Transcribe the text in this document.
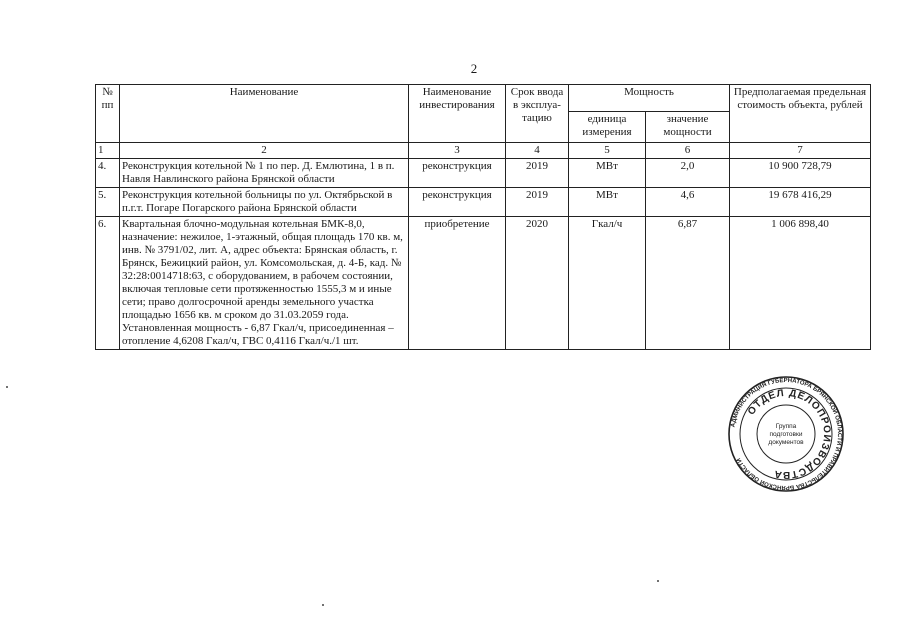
2
№ пп	Наименование	Наименование инвестирования	Срок ввода в эксплуа-тацию	Мощность		Предполагаемая предельная стоимость объекта, рублей
				единица измерения	значение мощности	
1	2	3	4	5	6	7
4.	Реконструкция котельной № 1 по пер. Д. Емлютина, 1 в п. Навля Навлинского района Брянской области	реконструкция	2019	МВт	2,0	10 900 728,79
5.	Реконструкция котельной больницы по ул. Октябрьской в п.г.т. Погаре Погарского района Брянской области	реконструкция	2019	МВт	4,6	19 678 416,29
6.	Квартальная блочно-модульная котельная БМК-8,0, назначение: нежилое, 1-этажный, общая площадь 170 кв. м, инв. № 3791/02, лит. А, адрес объекта: Брянская область, г. Брянск, Бежицкий район, ул. Комсомольская, д. 4-Б, кад. № 32:28:0014718:63, с оборудованием, в рабочем состоянии, включая тепловые сети протяженностью 1555,3 м и иные сети; право долгосрочной аренды земельного участка площадью 1656 кв. м сроком до 31.03.2059 года. Установленная мощность - 6,87 Гкал/ч, присоединенная – отопление 4,6208 Гкал/ч, ГВС 0,4116 Гкал/ч./1 шт.	приобретение	2020	Гкал/ч	6,87	1 006 898,40
АДМИНИСТРАЦИЯ ГУБЕРНАТОРА БРЯНСКОЙ ОБЛАСТИ И ПРАВИТЕЛЬСТВА БРЯНСКОЙ ОБЛАСТИ
ОТДЕЛ ДЕЛОПРОИЗВОДСТВА
Группа
подготовки
документов
